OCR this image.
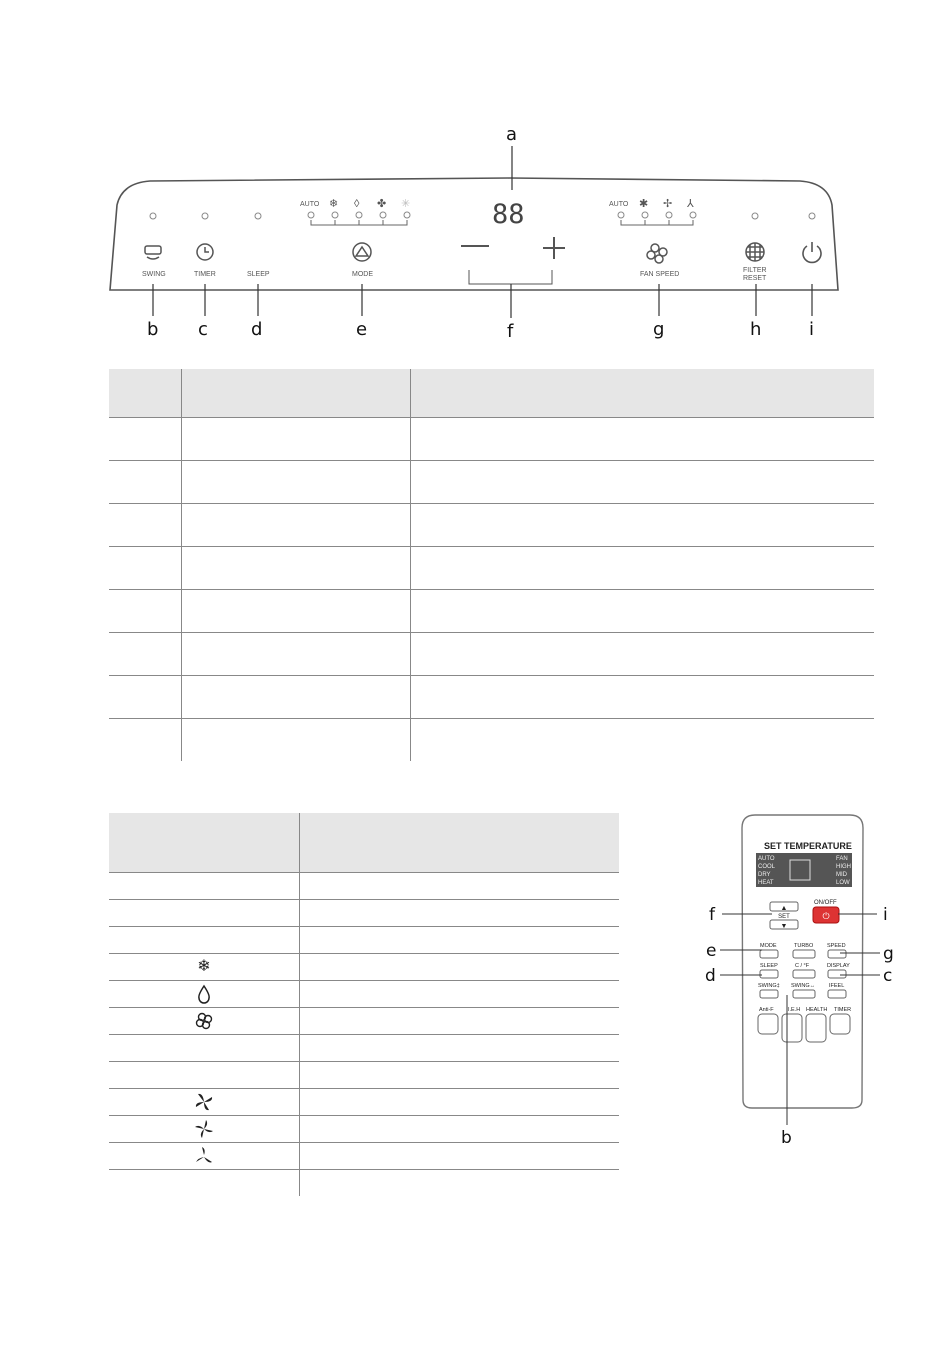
AUTO ❄ ◊ ✤ ✳	AUTO ✱ ✢ ⅄
88
SWING	TIMER	SLEEP	MODE	FAN SPEED
FILTER
RESET
a
b c d	e	f	g	h	i

❄	

SET TEMPERATURE
AUTO
COOL
DRY
HEAT
FAN
HIGH
MID
LOW
▲
SET
▼
ON/OFF
⏻
MODE	TURBO	SPEED
SLEEP	C / °F	DISPLAY
SWING‡ SWING↔	IFEEL
Anti-F	I.E.H HEALTH TIMER
f	i
e	g
d	c
b
